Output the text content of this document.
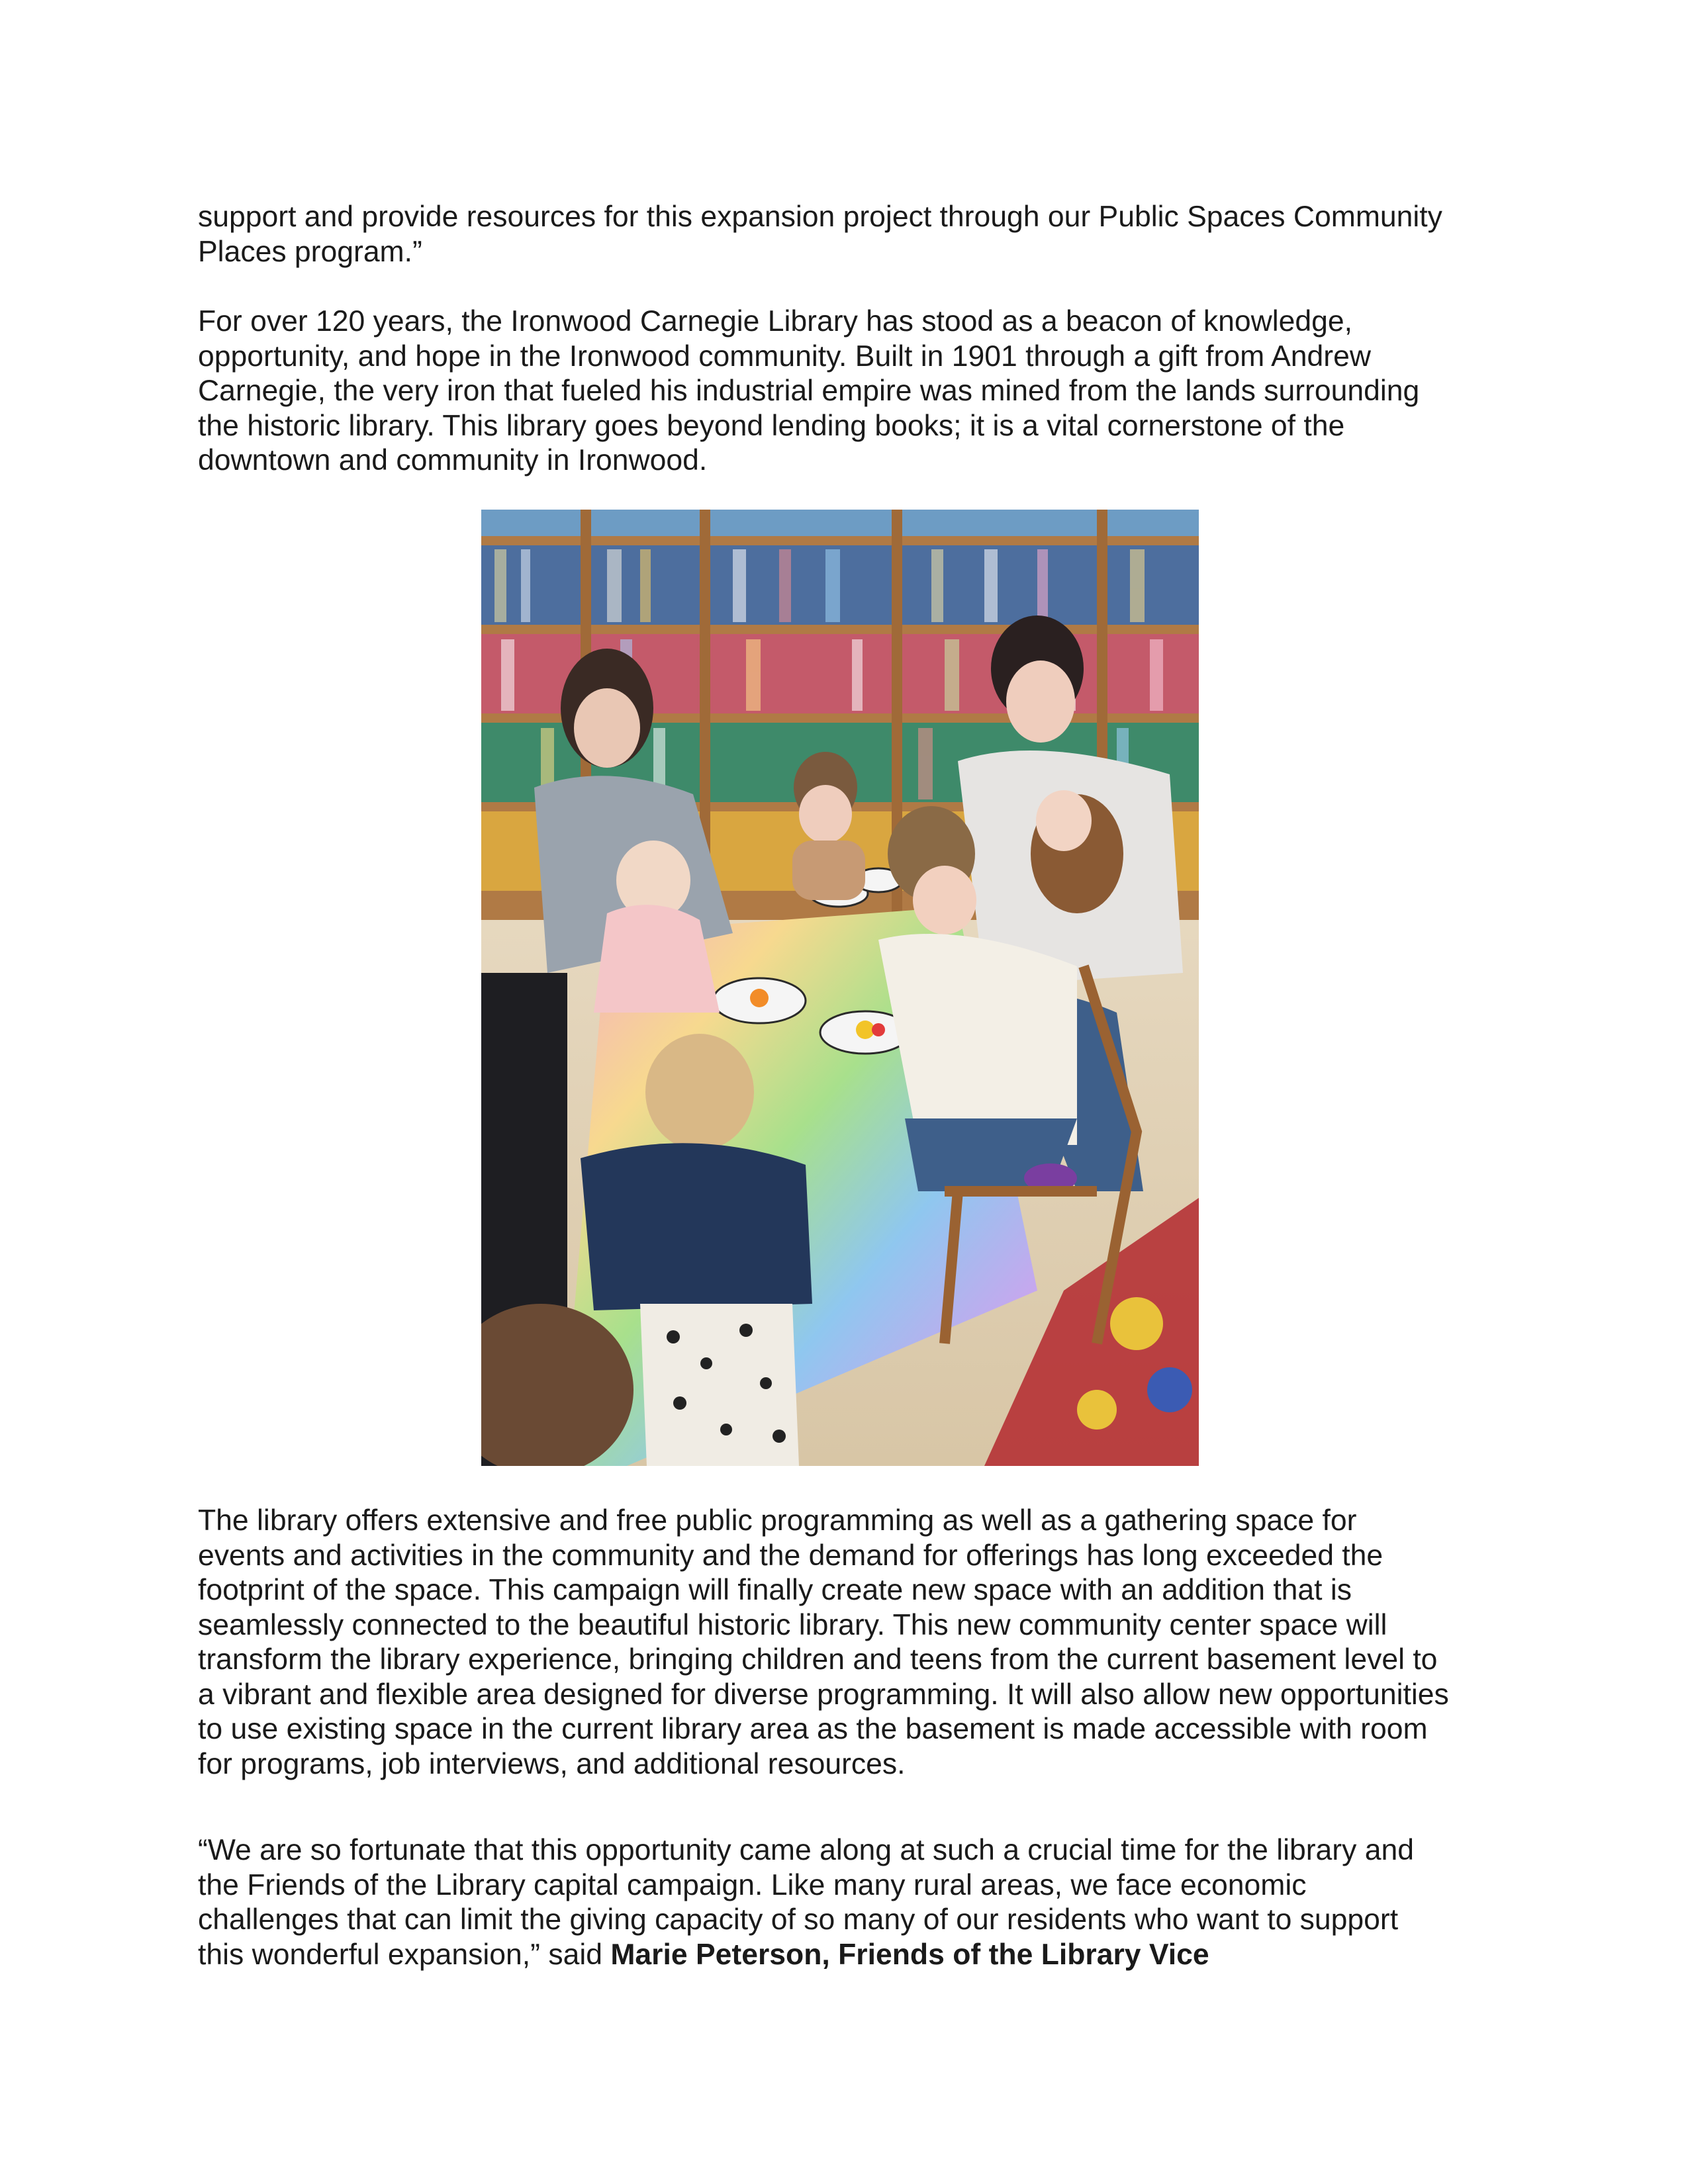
support and provide resources for this expansion project through our Public Spaces Community
Places program.”

For over 120 years, the Ironwood Carnegie Library has stood as a beacon of knowledge,
opportunity, and hope in the Ironwood community. Built in 1901 through a gift from Andrew
Carnegie, the very iron that fueled his industrial empire was mined from the lands surrounding
the historic library. This library goes beyond lending books; it is a vital cornerstone of the
downtown and community in Ironwood.

The library offers extensive and free public programming as well as a gathering space for
events and activities in the community and the demand for offerings has long exceeded the
footprint of the space. This campaign will finally create new space with an addition that is
seamlessly connected to the beautiful historic library. This new community center space will
transform the library experience, bringing children and teens from the current basement level to
a vibrant and flexible area designed for diverse programming. It will also allow new opportunities
to use existing space in the current library area as the basement is made accessible with room
for programs, job interviews, and additional resources.

“We are so fortunate that this opportunity came along at such a crucial time for the library and
the Friends of the Library capital campaign. Like many rural areas, we face economic
challenges that can limit the giving capacity of so many of our residents who want to support
this wonderful expansion,” said Marie Peterson, Friends of the Library Vice
